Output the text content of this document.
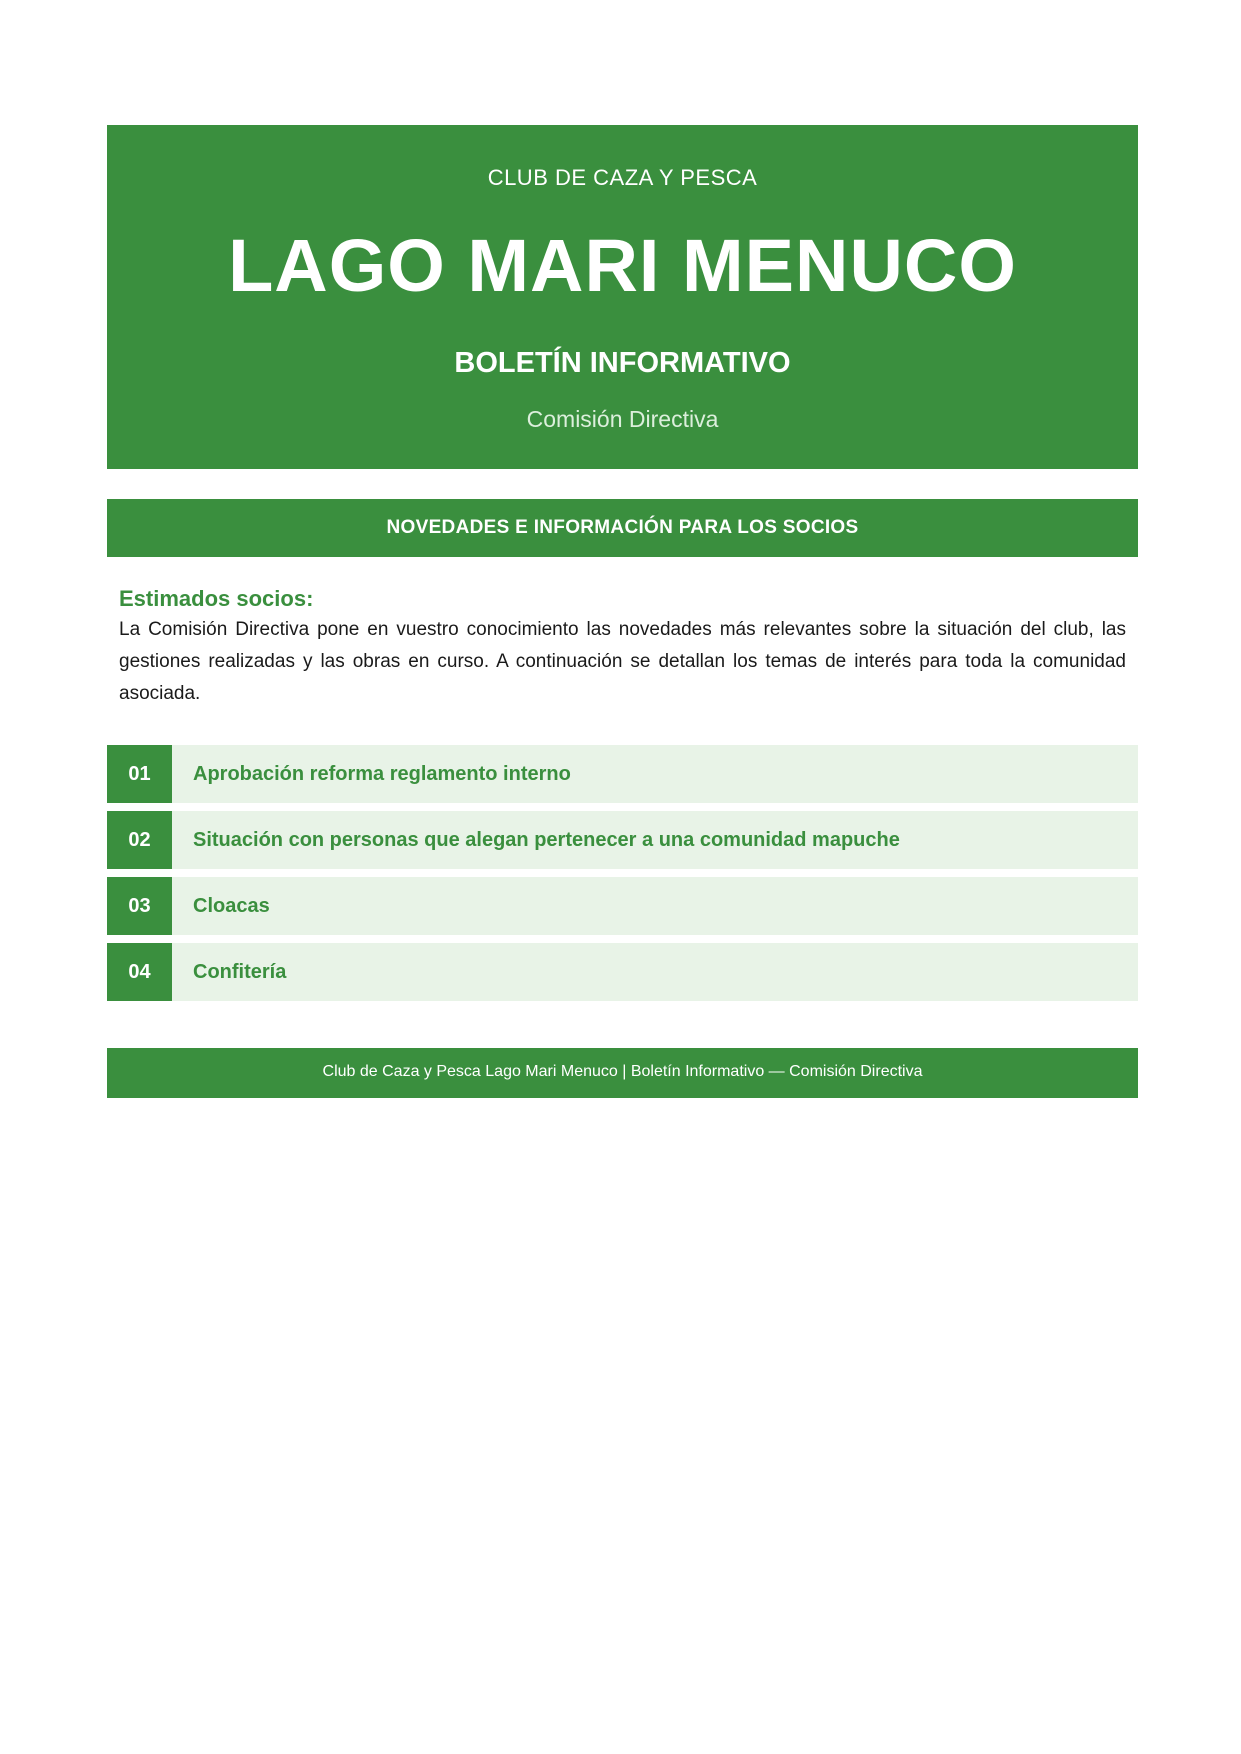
CLUB DE CAZA Y PESCA
LAGO MARI MENUCO
BOLETÍN INFORMATIVO
Comisión Directiva
NOVEDADES E INFORMACIÓN PARA LOS SOCIOS
Estimados socios:
La Comisión Directiva pone en vuestro conocimiento las novedades más relevantes sobre la situación del club, las gestiones realizadas y las obras en curso. A continuación se detallan los temas de interés para toda la comunidad asociada.
01	Aprobación reforma reglamento interno
02	Situación con personas que alegan pertenecer a una comunidad mapuche
03	Cloacas
04	Confitería
Club de Caza y Pesca Lago Mari Menuco | Boletín Informativo — Comisión Directiva
